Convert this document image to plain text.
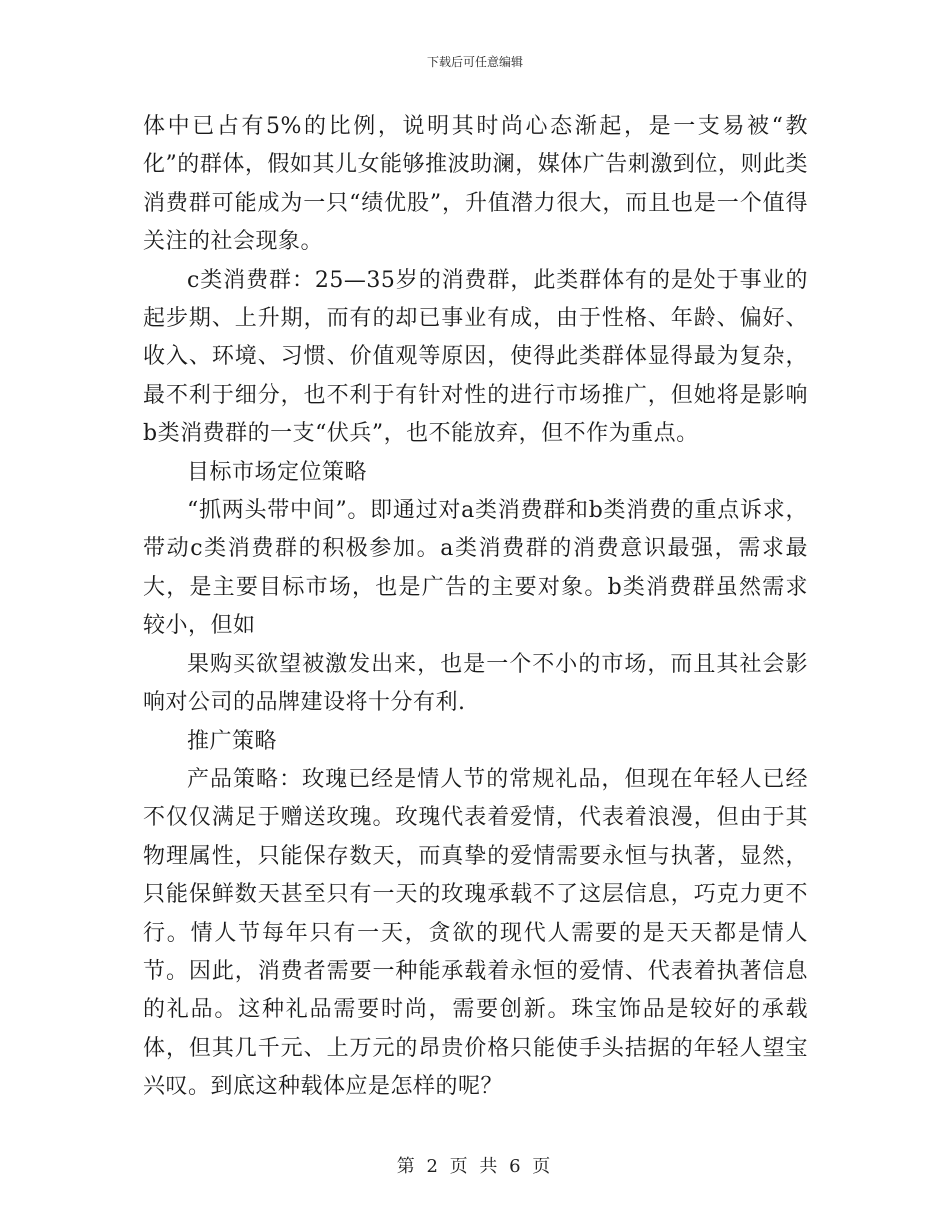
下载后可任意编辑

体中已占有5%的比例，说明其时尚心态渐起，是一支易被“教化”的群体，假如其儿女能够推波助澜，媒体广告刺激到位，则此类消费群可能成为一只“绩优股”，升值潜力很大，而且也是一个值得关注的社会现象。

c类消费群：25—35岁的消费群，此类群体有的是处于事业的起步期、上升期，而有的却已事业有成，由于性格、年龄、偏好、收入、环境、习惯、价值观等原因，使得此类群体显得最为复杂，最不利于细分，也不利于有针对性的进行市场推广，但她将是影响b类消费群的一支“伏兵”，也不能放弃，但不作为重点。

目标市场定位策略

“抓两头带中间”。即通过对a类消费群和b类消费的重点诉求，带动c类消费群的积极参加。a类消费群的消费意识最强，需求最大，是主要目标市场，也是广告的主要对象。b类消费群虽然需求较小，但如

果购买欲望被激发出来，也是一个不小的市场，而且其社会影响对公司的品牌建设将十分有利.

推广策略

产品策略：玫瑰已经是情人节的常规礼品，但现在年轻人已经不仅仅满足于赠送玫瑰。玫瑰代表着爱情，代表着浪漫，但由于其物理属性，只能保存数天，而真挚的爱情需要永恒与执著，显然，只能保鲜数天甚至只有一天的玫瑰承载不了这层信息，巧克力更不行。情人节每年只有一天，贪欲的现代人需要的是天天都是情人节。因此，消费者需要一种能承载着永恒的爱情、代表着执著信息的礼品。这种礼品需要时尚，需要创新。珠宝饰品是较好的承载体，但其几千元、上万元的昂贵价格只能使手头拮据的年轻人望宝兴叹。到底这种载体应是怎样的呢？

第 2 页 共 6 页
